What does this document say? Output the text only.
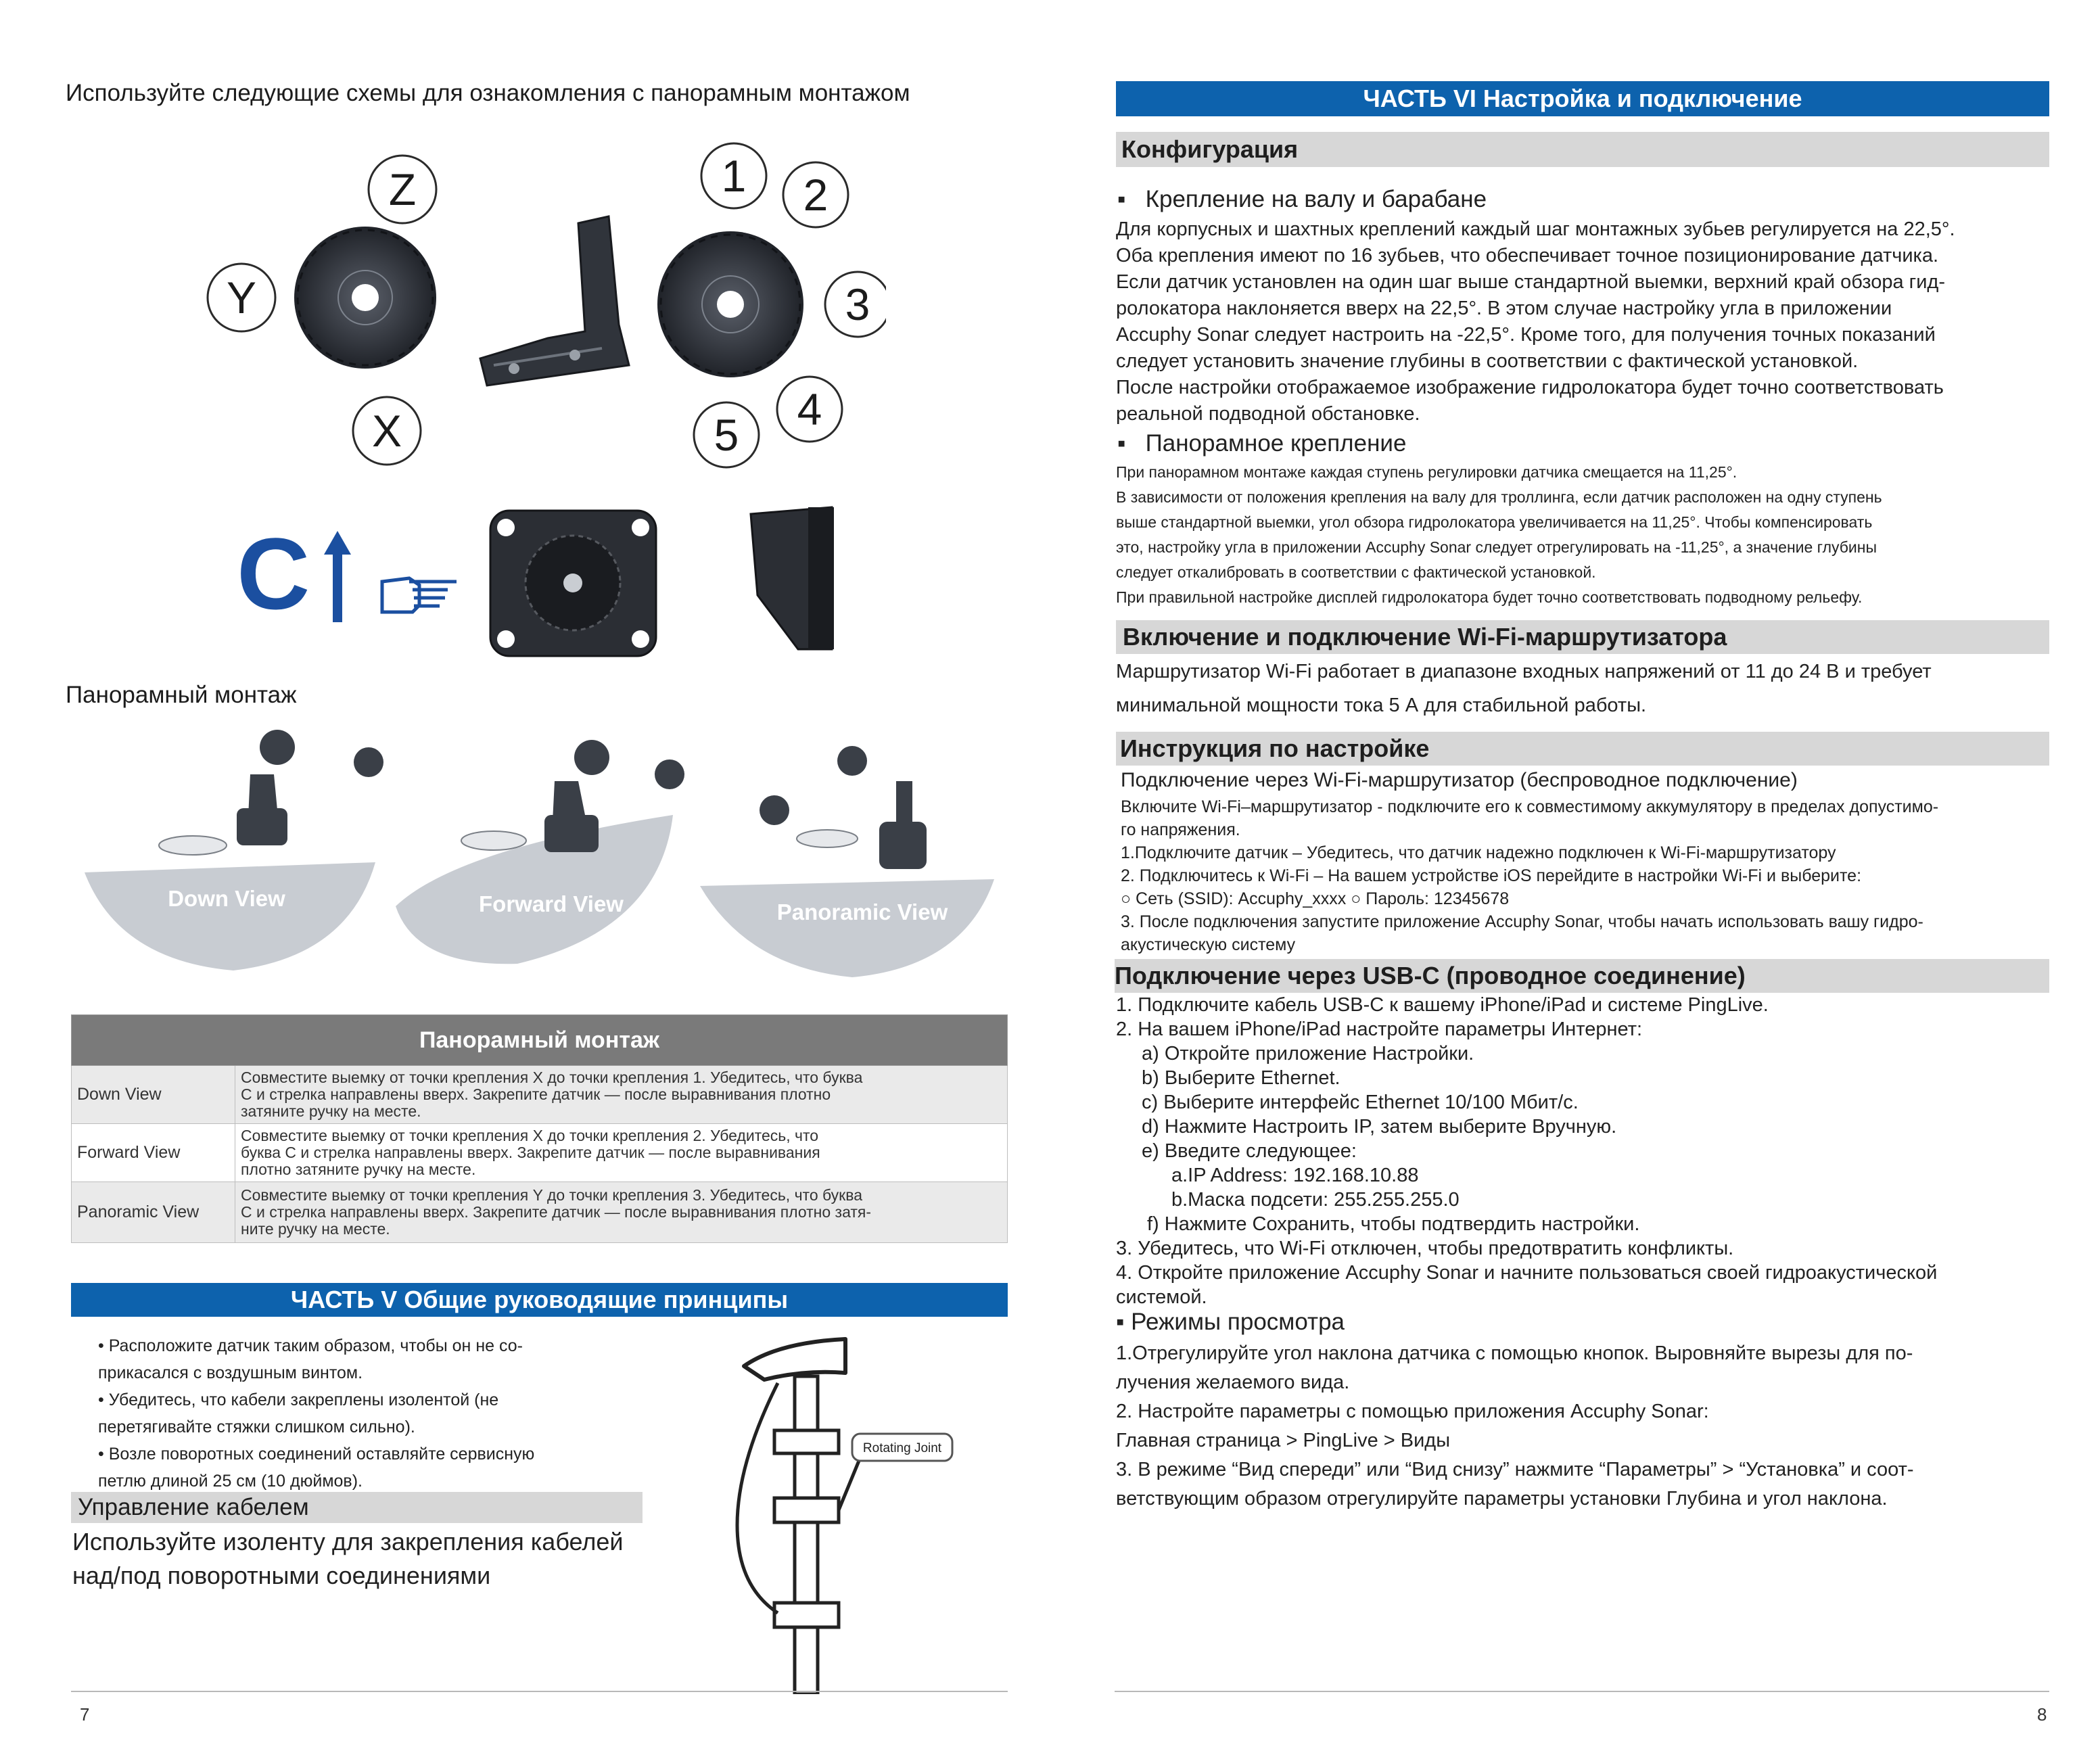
Используйте следующие схемы для ознакомления с панорамным монтажом
Z
Y
X
1 2
3
4
5
C
Панорамный монтаж
Down View	Forward View	Panoramic View
Панорамный монтаж	
Down View	Совместите выемку от точки крепления X до точки крепления 1. Убедитесь, что буква
С и стрелка направлены вверх. Закрепите датчик — после выравнивания плотно
затяните ручку на месте.
Forward View	Совместите выемку от точки крепления X до точки крепления 2. Убедитесь, что
буква С и стрелка направлены вверх. Закрепите датчик — после выравнивания
плотно затяните ручку на месте.
Panoramic View	Совместите выемку от точки крепления Y до точки крепления 3. Убедитесь, что буква
С и стрелка направлены вверх. Закрепите датчик — после выравнивания плотно затя-
ните ручку на месте.
ЧАСТЬ V Общие руководящие принципы
• Расположите датчик таким образом, чтобы он не со-
прикасался с воздушным винтом.
• Убедитесь, что кабели закреплены изолентой (не
перетягивайте стяжки слишком сильно).
• Возле поворотных соединений оставляйте сервисную
петлю длиной 25 см (10 дюймов).
Управление кабелем
Используйте изоленту для закрепления кабелей
над/под поворотными соединениями
Rotating Joint
7
ЧАСТЬ VI Настройка и подключение
Конфигурация
▪   Крепление на валу и барабане
Для корпусных и шахтных креплений каждый шаг монтажных зубьев регулируется на 22,5°.
Оба крепления имеют по 16 зубьев, что обеспечивает точное позиционирование датчика.
Если датчик установлен на один шаг выше стандартной выемки, верхний край обзора гид-
ролокатора наклоняется вверх на 22,5°. В этом случае настройку угла в приложении
Accuphy Sonar следует настроить на -22,5°. Кроме того, для получения точных показаний
следует установить значение глубины в соответствии с фактической установкой.
После настройки отображаемое изображение гидролокатора будет точно соответствовать
реальной подводной обстановке.
▪   Панорамное крепление
При панорамном монтаже каждая ступень регулировки датчика смещается на 11,25°.
В зависимости от положения крепления на валу для троллинга, если датчик расположен на одну ступень
выше стандартной выемки, угол обзора гидролокатора увеличивается на 11,25°. Чтобы компенсировать
это, настройку угла в приложении Accuphy Sonar следует отрегулировать на -11,25°, а значение глубины
следует откалибровать в соответствии с фактической установкой.
При правильной настройке дисплей гидролокатора будет точно соответствовать подводному рельефу.
Включение и подключение Wi-Fi-маршрутизатора
Маршрутизатор Wi-Fi работает в диапазоне входных напряжений от 11 до 24 В и требует
минимальной мощности тока 5 А для стабильной работы.
Инструкция по настройке
Подключение через Wi-Fi-маршрутизатор (беспроводное подключение)
Включите Wi-Fi–маршрутизатор - подключите его к совместимому аккумулятору в пределах допустимо-
го напряжения.
1.Подключите датчик – Убедитесь, что датчик надежно подключен к Wi-Fi-маршрутизатору
2. Подключитесь к Wi-Fi – На вашем устройстве iOS перейдите в настройки Wi-Fi и выберите:
○ Сеть (SSID): Accuphy_xxxx ○ Пароль: 12345678
3. После подключения запустите приложение Accuphy Sonar, чтобы начать использовать вашу гидро-
акустическую систему
Подключение через USB-C (проводное соединение)
1. Подключите кабель USB-C к вашему iPhone/iPad и системе PingLive.
2. На вашем iPhone/iPad настройте параметры Интернет:
a) Откройте приложение Настройки.
b) Выберите Ethernet.
c) Выберите интерфейс Ethernet 10/100 Мбит/с.
d) Нажмите Настроить IP, затем выберите Вручную.
e) Введите следующее:
a.IP Address: 192.168.10.88
b.Маска подсети: 255.255.255.0
f) Нажмите Сохранить, чтобы подтвердить настройки.
3. Убедитесь, что Wi-Fi отключен, чтобы предотвратить конфликты.
4. Откройте приложение Accuphy Sonar и начните пользоваться своей гидроакустической
системой.
▪ Режимы просмотра
1.Отрегулируйте угол наклона датчика с помощью кнопок. Выровняйте вырезы для по-
лучения желаемого вида.
2. Настройте параметры с помощью приложения Accuphy Sonar:
Главная страница > PingLive > Виды
3. В режиме “Вид спереди” или “Вид снизу” нажмите “Параметры” > “Установка” и соот-
ветствующим образом отрегулируйте параметры установки Глубина и угол наклона.
8
